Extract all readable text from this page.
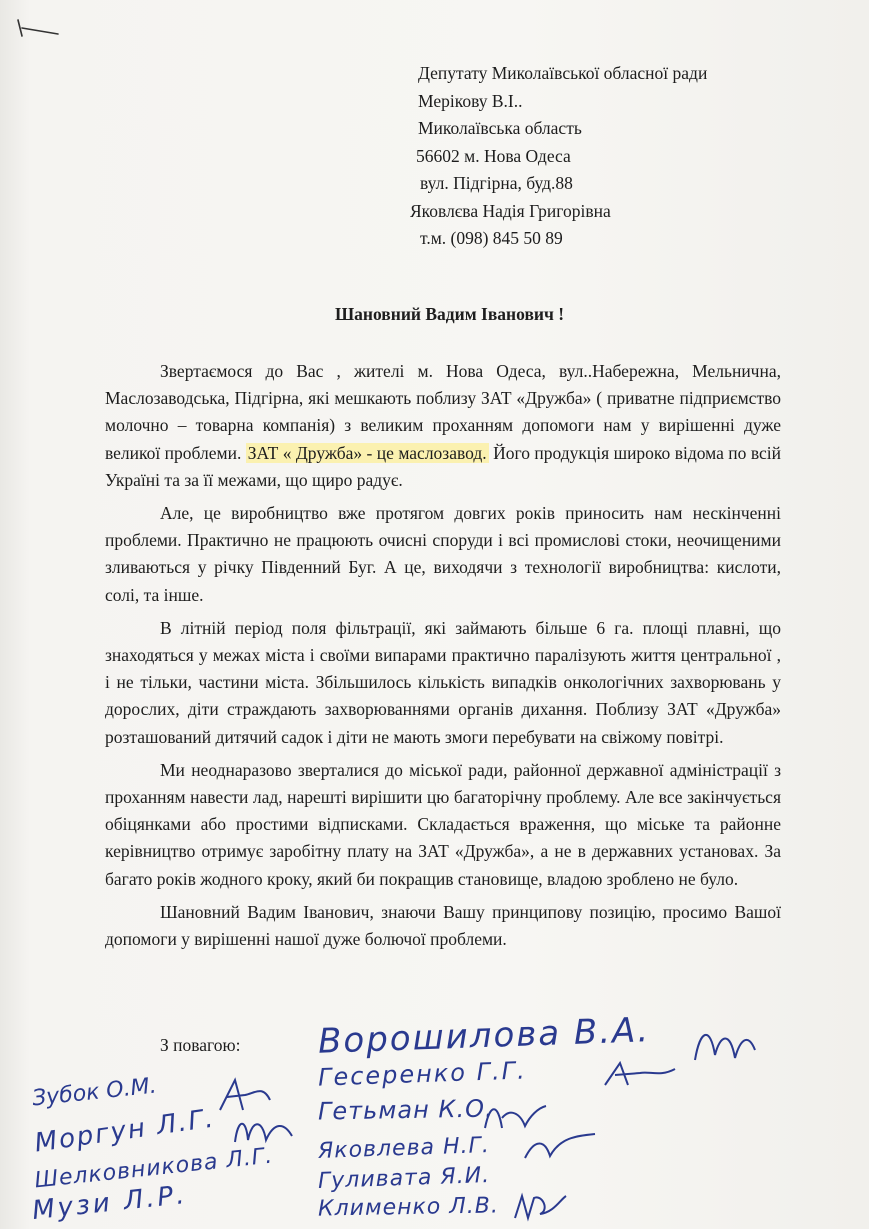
Депутату Миколаївської обласної ради
Мерікову В.І..
Миколаївська область
56602 м. Нова Одеса
вул. Підгірна, буд.88
Яковлєва Надія Григорівна
т.м. (098) 845 50 89
Шановний Вадим Іванович !

Звертаємося до Вас , жителі м. Нова Одеса, вул..Набережна, Мельнична, Маслозаводська, Підгірна, які мешкають поблизу ЗАТ «Дружба» ( приватне підприємство молочно – товарна компанія) з великим проханням допомоги нам у вирішенні дуже великої проблеми. ЗАТ « Дружба» - це маслозавод. Його продукція широко відома по всій Україні та за її межами, що щиро радує.

Але, це виробництво вже протягом довгих років приносить нам нескінченні проблеми. Практично не працюють очисні споруди і всі промислові стоки, неочищеними зливаються у річку Південний Буг. А це, виходячи з технології виробництва: кислоти, солі, та інше.

В літній період поля фільтрації, які займають більше 6 га. площі плавні, що знаходяться у межах міста і своїми випарами практично паралізують життя центральної , і не тільки, частини міста. Збільшилось кількість випадків онкологічних захворювань у дорослих, діти страждають захворюваннями органів дихання. Поблизу ЗАТ «Дружба» розташований дитячий садок і діти не мають змоги перебувати на свіжому повітрі.

Ми неоднаразово зверталися до міської ради, районної державної адміністрації з проханням навести лад, нарешті вирішити цю багаторічну проблему. Але все закінчується обіцянками або простими відписками. Складається враження, що міське та районне керівництво отримує заробітну плату на ЗАТ «Дружба», а не в державних установах. За багато років жодного кроку, який би покращив становище, владою зроблено не було.

Шановний Вадим Іванович, знаючи Вашу принципову позицію, просимо Вашої допомоги у вирішенні нашої дуже болючої проблеми.

З повагою: Ворошилова В.А.
Гесеренко Г.Г.
Гетьман К.О.
Яковлева Н.Г.
Гуливата Я.И.
Клименко Л.В.
Зубок О.М.
Моргун Л.Г.
Шелковникова Л.Г.
Музи Л.Р.
